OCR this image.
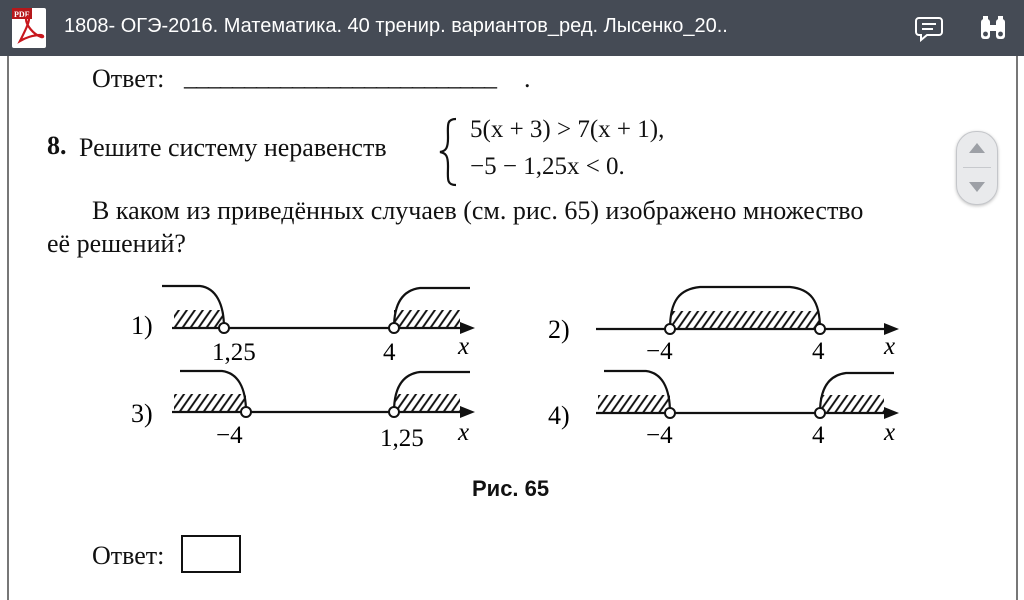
PDF
1808- ОГЭ-2016. Математика. 40 тренир. вариантов_ред. Лысенко_20..
Ответ: __________________________ .
8. Решите систему неравенств
5(x + 3) > 7(x + 1),
−5 − 1,25x < 0.
В каком из приведённых случаев (см. рис. 65) изображено множество
её решений?
1)
1,25	4	x
2)
−4	4 x
3)
−4	1,25 x
4)
−4	4 x
Рис. 65
Ответ:
